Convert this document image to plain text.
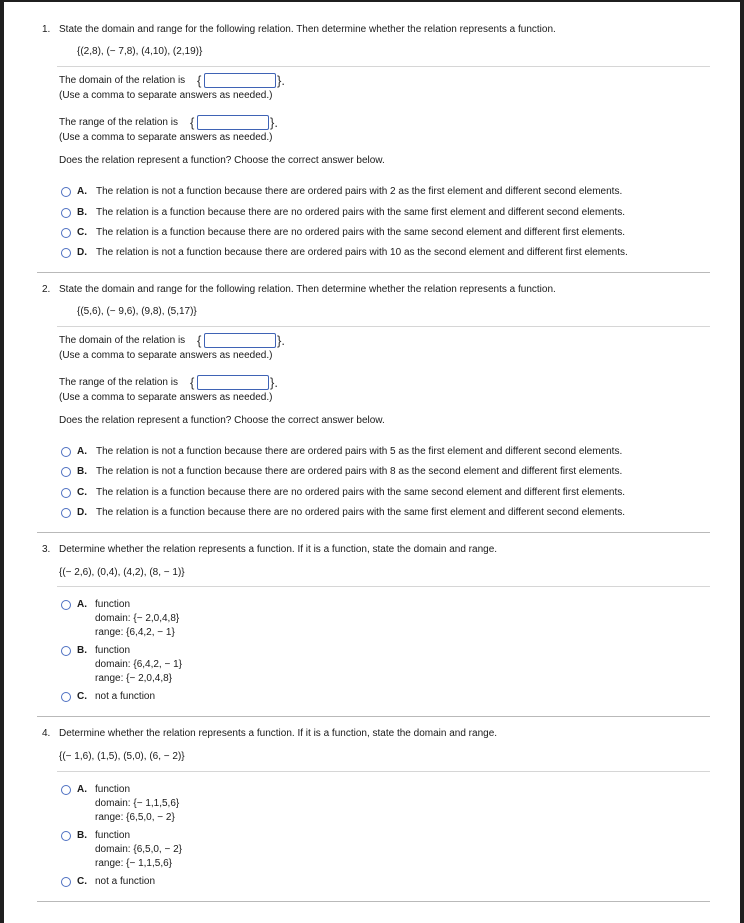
1. State the domain and range for the following relation. Then determine whether the relation represents a function.
{(2,8), (− 7,8), (4,10), (2,19)}
The domain of the relation is {	}.
(Use a comma to separate answers as needed.)
The range of the relation is {	}.
(Use a comma to separate answers as needed.)
Does the relation represent a function? Choose the correct answer below.
A. The relation is not a function because there are ordered pairs with 2 as the first element and different second elements.
B. The relation is a function because there are no ordered pairs with the same first element and different second elements.
C. The relation is a function because there are no ordered pairs with the same second element and different first elements.
D. The relation is not a function because there are ordered pairs with 10 as the second element and different first elements.
2. State the domain and range for the following relation. Then determine whether the relation represents a function.
{(5,6), (− 9,6), (9,8), (5,17)}
The domain of the relation is {	}.
(Use a comma to separate answers as needed.)
The range of the relation is {	}.
(Use a comma to separate answers as needed.)
Does the relation represent a function? Choose the correct answer below.
A. The relation is not a function because there are ordered pairs with 5 as the first element and different second elements.
B. The relation is not a function because there are ordered pairs with 8 as the second element and different first elements.
C. The relation is a function because there are no ordered pairs with the same second element and different first elements.
D. The relation is a function because there are no ordered pairs with the same first element and different second elements.
3. Determine whether the relation represents a function. If it is a function, state the domain and range.
{(− 2,6), (0,4), (4,2), (8, − 1)}
A. function
domain: {− 2,0,4,8}
range: {6,4,2, − 1}
B. function
domain: {6,4,2, − 1}
range: {− 2,0,4,8}
C. not a function
4. Determine whether the relation represents a function. If it is a function, state the domain and range.
{(− 1,6), (1,5), (5,0), (6, − 2)}
A. function
domain: {− 1,1,5,6}
range: {6,5,0, − 2}
B. function
domain: {6,5,0, − 2}
range: {− 1,1,5,6}
C. not a function
